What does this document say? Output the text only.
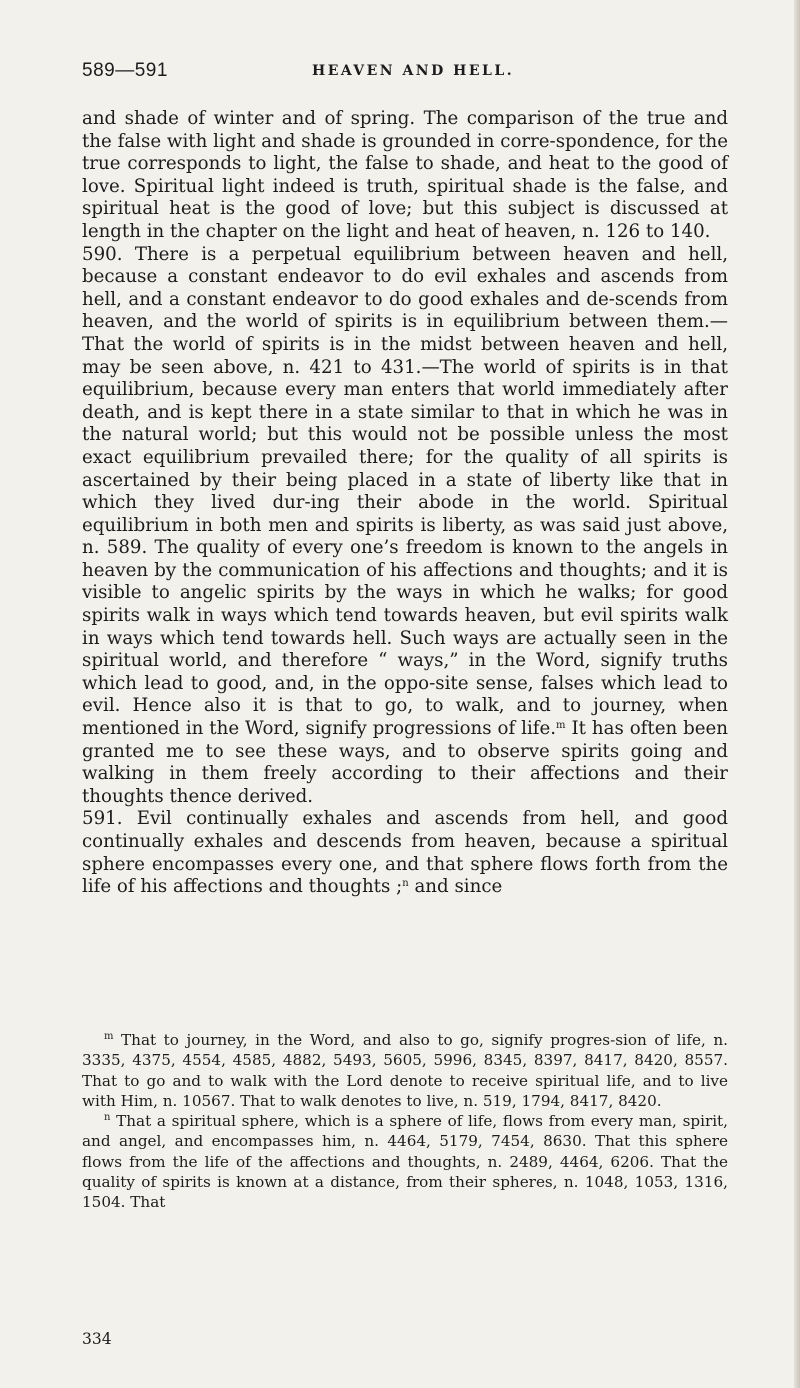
589—591	HEAVEN AND HELL.

and shade of winter and of spring. The comparison of the true and the false with light and shade is grounded in corre-spondence, for the true corresponds to light, the false to shade, and heat to the good of love. Spiritual light indeed is truth, spiritual shade is the false, and spiritual heat is the good of love; but this subject is discussed at length in the chapter on the light and heat of heaven, n. 126 to 140.

590. There is a perpetual equilibrium between heaven and hell, because a constant endeavor to do evil exhales and ascends from hell, and a constant endeavor to do good exhales and de-scends from heaven, and the world of spirits is in equilibrium between them.—That the world of spirits is in the midst between heaven and hell, may be seen above, n. 421 to 431.—The world of spirits is in that equilibrium, because every man enters that world immediately after death, and is kept there in a state similar to that in which he was in the natural world; but this would not be possible unless the most exact equilibrium prevailed there; for the quality of all spirits is ascertained by their being placed in a state of liberty like that in which they lived dur-ing their abode in the world. Spiritual equilibrium in both men and spirits is liberty, as was said just above, n. 589. The quality of every one’s freedom is known to the angels in heaven by the communication of his affections and thoughts; and it is visible to angelic spirits by the ways in which he walks; for good spirits walk in ways which tend towards heaven, but evil spirits walk in ways which tend towards hell. Such ways are actually seen in the spiritual world, and therefore “ ways,” in the Word, signify truths which lead to good, and, in the oppo-site sense, falses which lead to evil. Hence also it is that to go, to walk, and to journey, when mentioned in the Word, signify progressions of life.$^m$ It has often been granted me to see these ways, and to observe spirits going and walking in them freely according to their affections and their thoughts thence derived.

591. Evil continually exhales and ascends from hell, and good continually exhales and descends from heaven, because a spiritual sphere encompasses every one, and that sphere flows forth from the life of his affections and thoughts ;$^n$ and since

$^m$ That to journey, in the Word, and also to go, signify progres-sion of life, n. 3335, 4375, 4554, 4585, 4882, 5493, 5605, 5996, 8345, 8397, 8417, 8420, 8557. That to go and to walk with the Lord denote to receive spiritual life, and to live with Him, n. 10567. That to walk denotes to live, n. 519, 1794, 8417, 8420.

$^n$ That a spiritual sphere, which is a sphere of life, flows from every man, spirit, and angel, and encompasses him, n. 4464, 5179, 7454, 8630. That this sphere flows from the life of the affections and thoughts, n. 2489, 4464, 6206. That the quality of spirits is known at a distance, from their spheres, n. 1048, 1053, 1316, 1504. That

334
